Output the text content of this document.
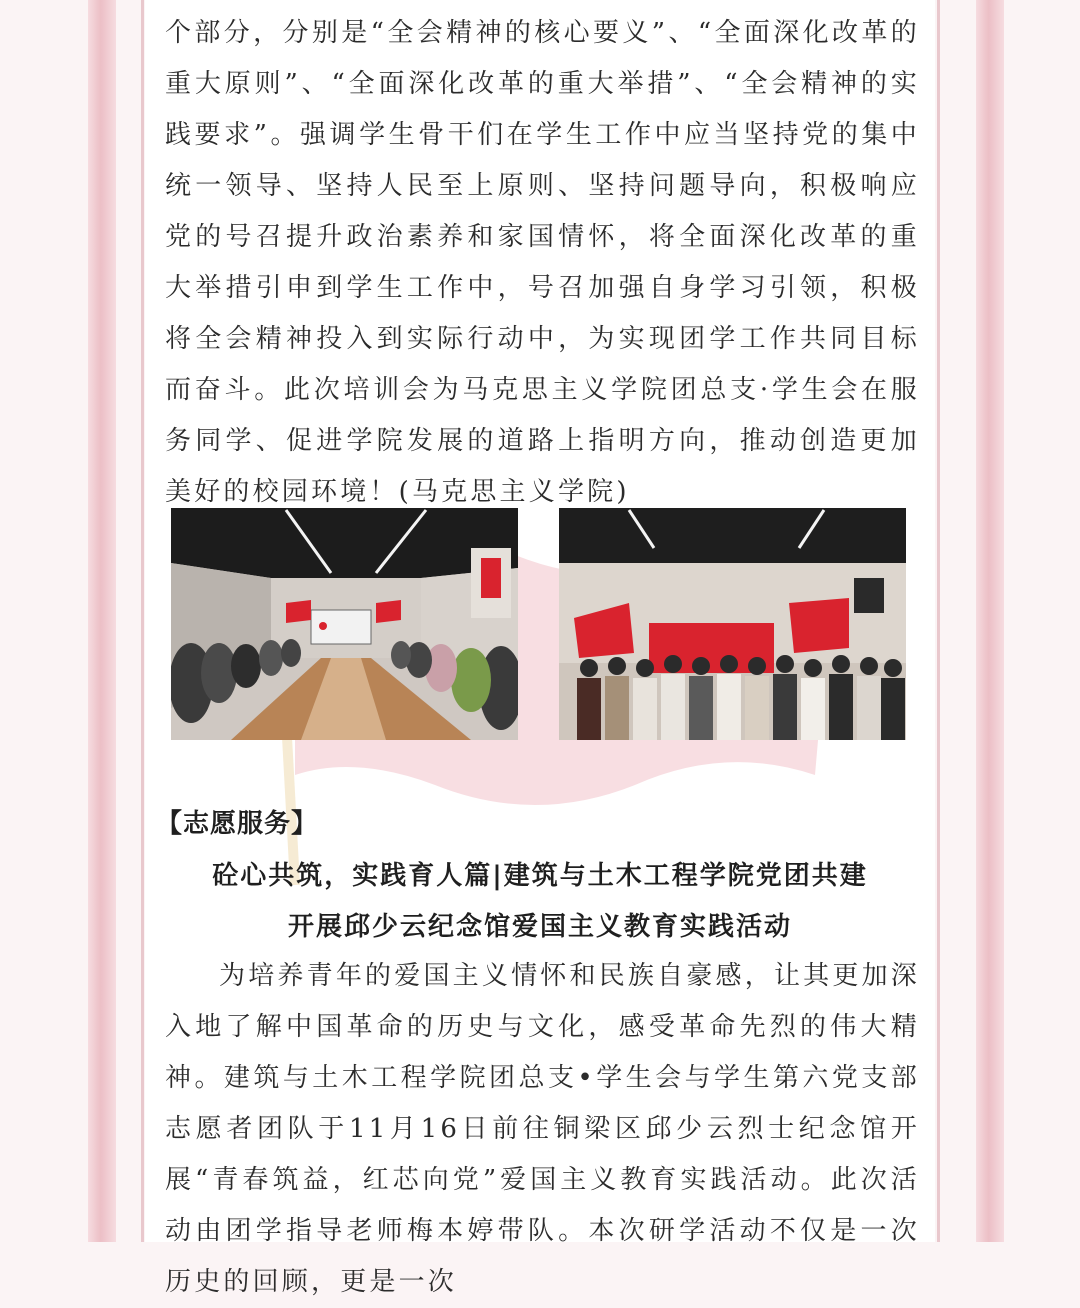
个部分，分别是“全会精神的核心要义”、“全面深化改革的重大原则”、“全面深化改革的重大举措”、“全会精神的实践要求”。强调学生骨干们在学生工作中应当坚持党的集中统一领导、坚持人民至上原则、坚持问题导向，积极响应党的号召提升政治素养和家国情怀，将全面深化改革的重大举措引申到学生工作中，号召加强自身学习引领，积极将全会精神投入到实际行动中，为实现团学工作共同目标而奋斗。此次培训会为马克思主义学院团总支·学生会在服务同学、促进学院发展的道路上指明方向，推动创造更加美好的校园环境！(马克思主义学院)

【志愿服务】
砼心共筑，实践育人篇|建筑与土木工程学院党团共建
开展邱少云纪念馆爱国主义教育实践活动

为培养青年的爱国主义情怀和民族自豪感，让其更加深入地了解中国革命的历史与文化，感受革命先烈的伟大精神。建筑与土木工程学院团总支•学生会与学生第六党支部志愿者团队于11月16日前往铜梁区邱少云烈士纪念馆开展“青春筑益，红芯向党”爱国主义教育实践活动。此次活动由团学指导老师梅本婷带队。本次研学活动不仅是一次历史的回顾，更是一次
